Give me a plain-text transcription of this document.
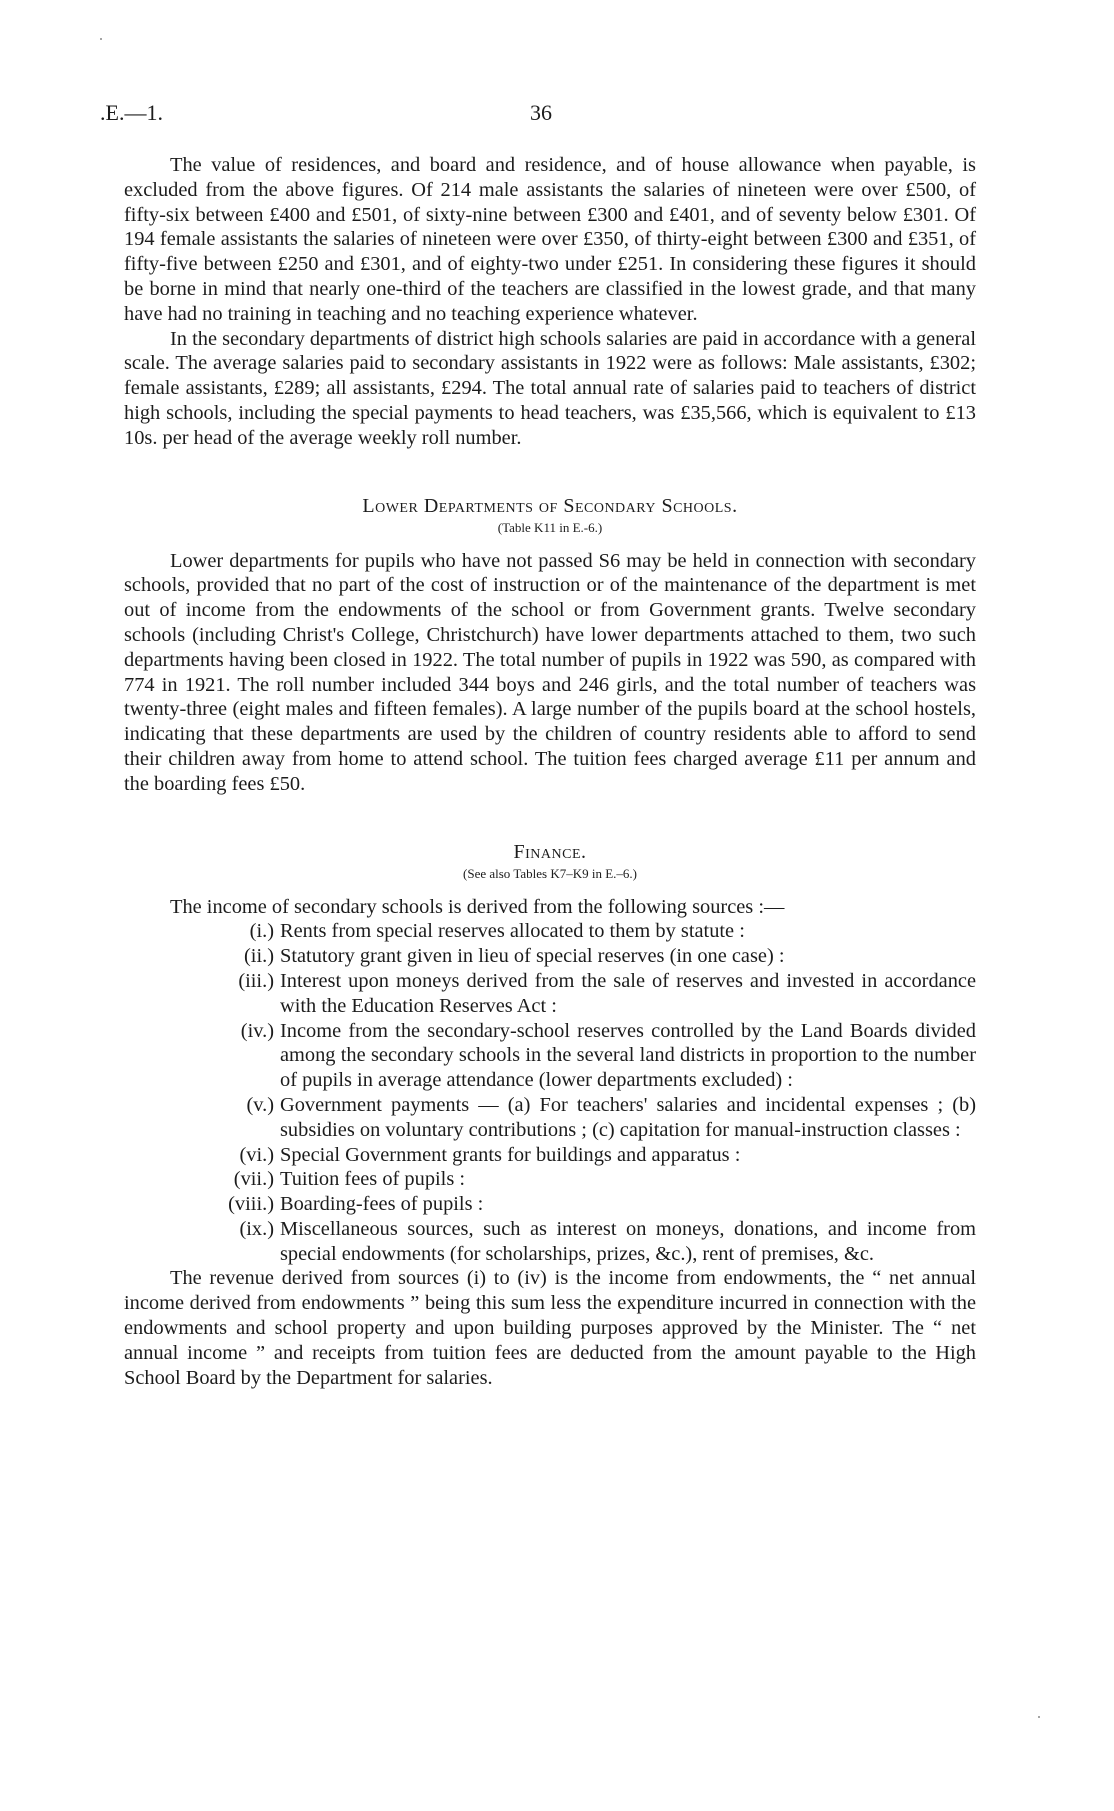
.E.—1.	36

The value of residences, and board and residence, and of house allowance when payable, is excluded from the above figures. Of 214 male assistants the salaries of nineteen were over £500, of fifty-six between £400 and £501, of sixty-nine between £300 and £401, and of seventy below £301. Of 194 female assistants the salaries of nineteen were over £350, of thirty-eight between £300 and £351, of fifty-five between £250 and £301, and of eighty-two under £251. In considering these figures it should be borne in mind that nearly one-third of the teachers are classified in the lowest grade, and that many have had no training in teaching and no teaching experience whatever.

In the secondary departments of district high schools salaries are paid in accordance with a general scale. The average salaries paid to secondary assistants in 1922 were as follows: Male assistants, £302; female assistants, £289; all assistants, £294. The total annual rate of salaries paid to teachers of district high schools, including the special payments to head teachers, was £35,566, which is equivalent to £13 10s. per head of the average weekly roll number.

Lower Departments of Secondary Schools.
(Table K11 in E.-6.)

Lower departments for pupils who have not passed S6 may be held in connection with secondary schools, provided that no part of the cost of instruction or of the maintenance of the department is met out of income from the endowments of the school or from Government grants. Twelve secondary schools (including Christ's College, Christchurch) have lower departments attached to them, two such departments having been closed in 1922. The total number of pupils in 1922 was 590, as compared with 774 in 1921. The roll number included 344 boys and 246 girls, and the total number of teachers was twenty-three (eight males and fifteen females). A large number of the pupils board at the school hostels, indicating that these departments are used by the children of country residents able to afford to send their children away from home to attend school. The tuition fees charged average £11 per annum and the boarding fees £50.

Finance.
(See also Tables K7–K9 in E.–6.)

The income of secondary schools is derived from the following sources :—

(i.) Rents from special reserves allocated to them by statute :
(ii.) Statutory grant given in lieu of special reserves (in one case) :
(iii.) Interest upon moneys derived from the sale of reserves and invested in accordance with the Education Reserves Act :
(iv.) Income from the secondary-school reserves controlled by the Land Boards divided among the secondary schools in the several land districts in proportion to the number of pupils in average attendance (lower departments excluded) :
(v.) Government payments — (a) For teachers' salaries and incidental expenses ; (b) subsidies on voluntary contributions ; (c) capitation for manual-instruction classes :
(vi.) Special Government grants for buildings and apparatus :
(vii.) Tuition fees of pupils :
(viii.) Boarding-fees of pupils :
(ix.) Miscellaneous sources, such as interest on moneys, donations, and income from special endowments (for scholarships, prizes, &c.), rent of premises, &c.

The revenue derived from sources (i) to (iv) is the income from endowments, the “ net annual income derived from endowments ” being this sum less the expenditure incurred in connection with the endowments and school property and upon building purposes approved by the Minister. The “ net annual income ” and receipts from tuition fees are deducted from the amount payable to the High School Board by the Department for salaries.
